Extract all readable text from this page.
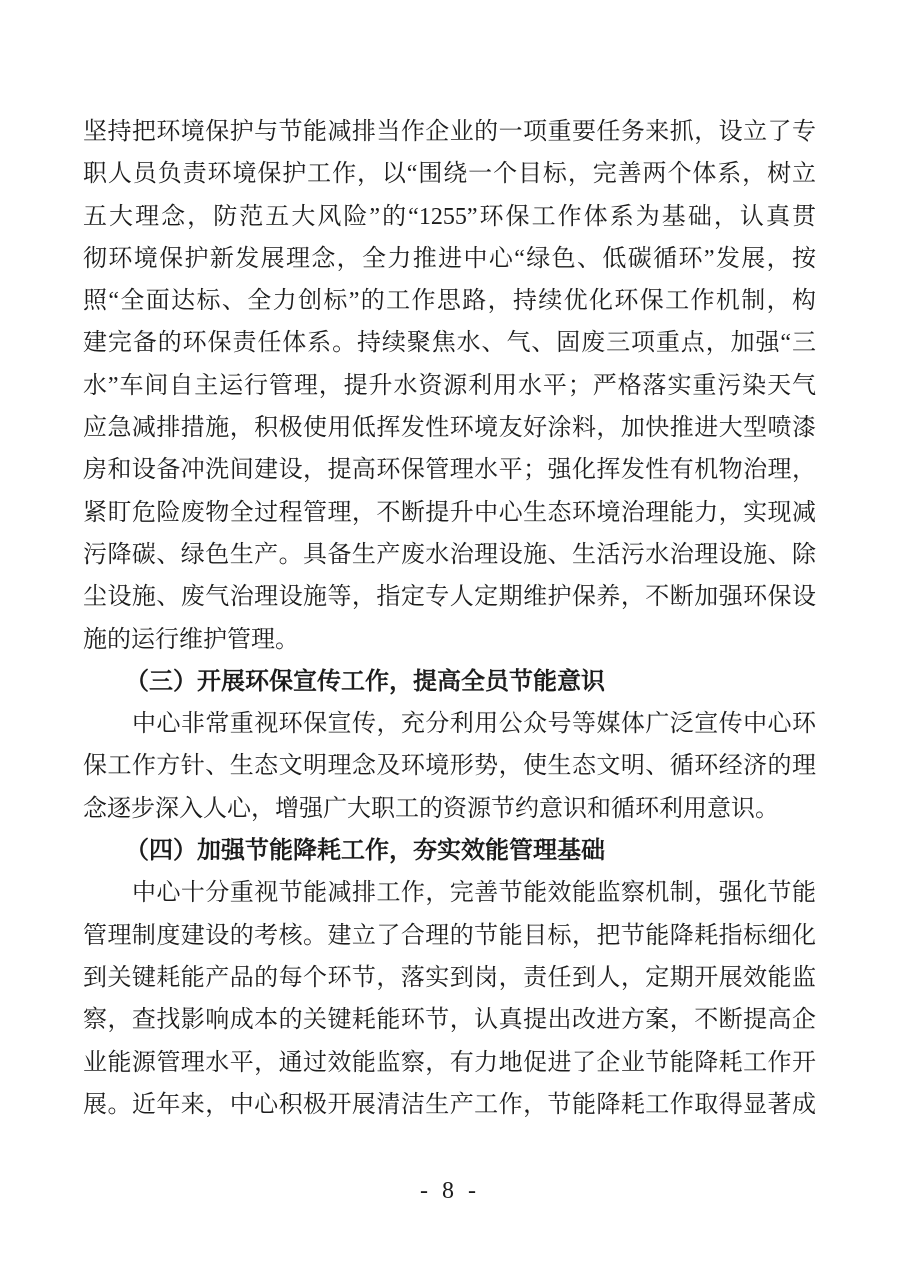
坚持把环境保护与节能减排当作企业的一项重要任务来抓，设立了专
职人员负责环境保护工作，以“围绕一个目标，完善两个体系，树立
五大理念，防范五大风险”的“1255”环保工作体系为基础，认真贯
彻环境保护新发展理念，全力推进中心“绿色、低碳循环”发展，按
照“全面达标、全力创标”的工作思路，持续优化环保工作机制，构
建完备的环保责任体系。持续聚焦水、气、固废三项重点，加强“三
水”车间自主运行管理，提升水资源利用水平；严格落实重污染天气
应急减排措施，积极使用低挥发性环境友好涂料，加快推进大型喷漆
房和设备冲洗间建设，提高环保管理水平；强化挥发性有机物治理，
紧盯危险废物全过程管理，不断提升中心生态环境治理能力，实现减
污降碳、绿色生产。具备生产废水治理设施、生活污水治理设施、除
尘设施、废气治理设施等，指定专人定期维护保养，不断加强环保设
施的运行维护管理。
（三）开展环保宣传工作，提高全员节能意识
中心非常重视环保宣传，充分利用公众号等媒体广泛宣传中心环
保工作方针、生态文明理念及环境形势，使生态文明、循环经济的理
念逐步深入人心，增强广大职工的资源节约意识和循环利用意识。
（四）加强节能降耗工作，夯实效能管理基础
中心十分重视节能减排工作，完善节能效能监察机制，强化节能
管理制度建设的考核。建立了合理的节能目标，把节能降耗指标细化
到关键耗能产品的每个环节，落实到岗，责任到人，定期开展效能监
察，查找影响成本的关键耗能环节，认真提出改进方案，不断提高企
业能源管理水平，通过效能监察，有力地促进了企业节能降耗工作开
展。近年来，中心积极开展清洁生产工作，节能降耗工作取得显著成
- 8 -
